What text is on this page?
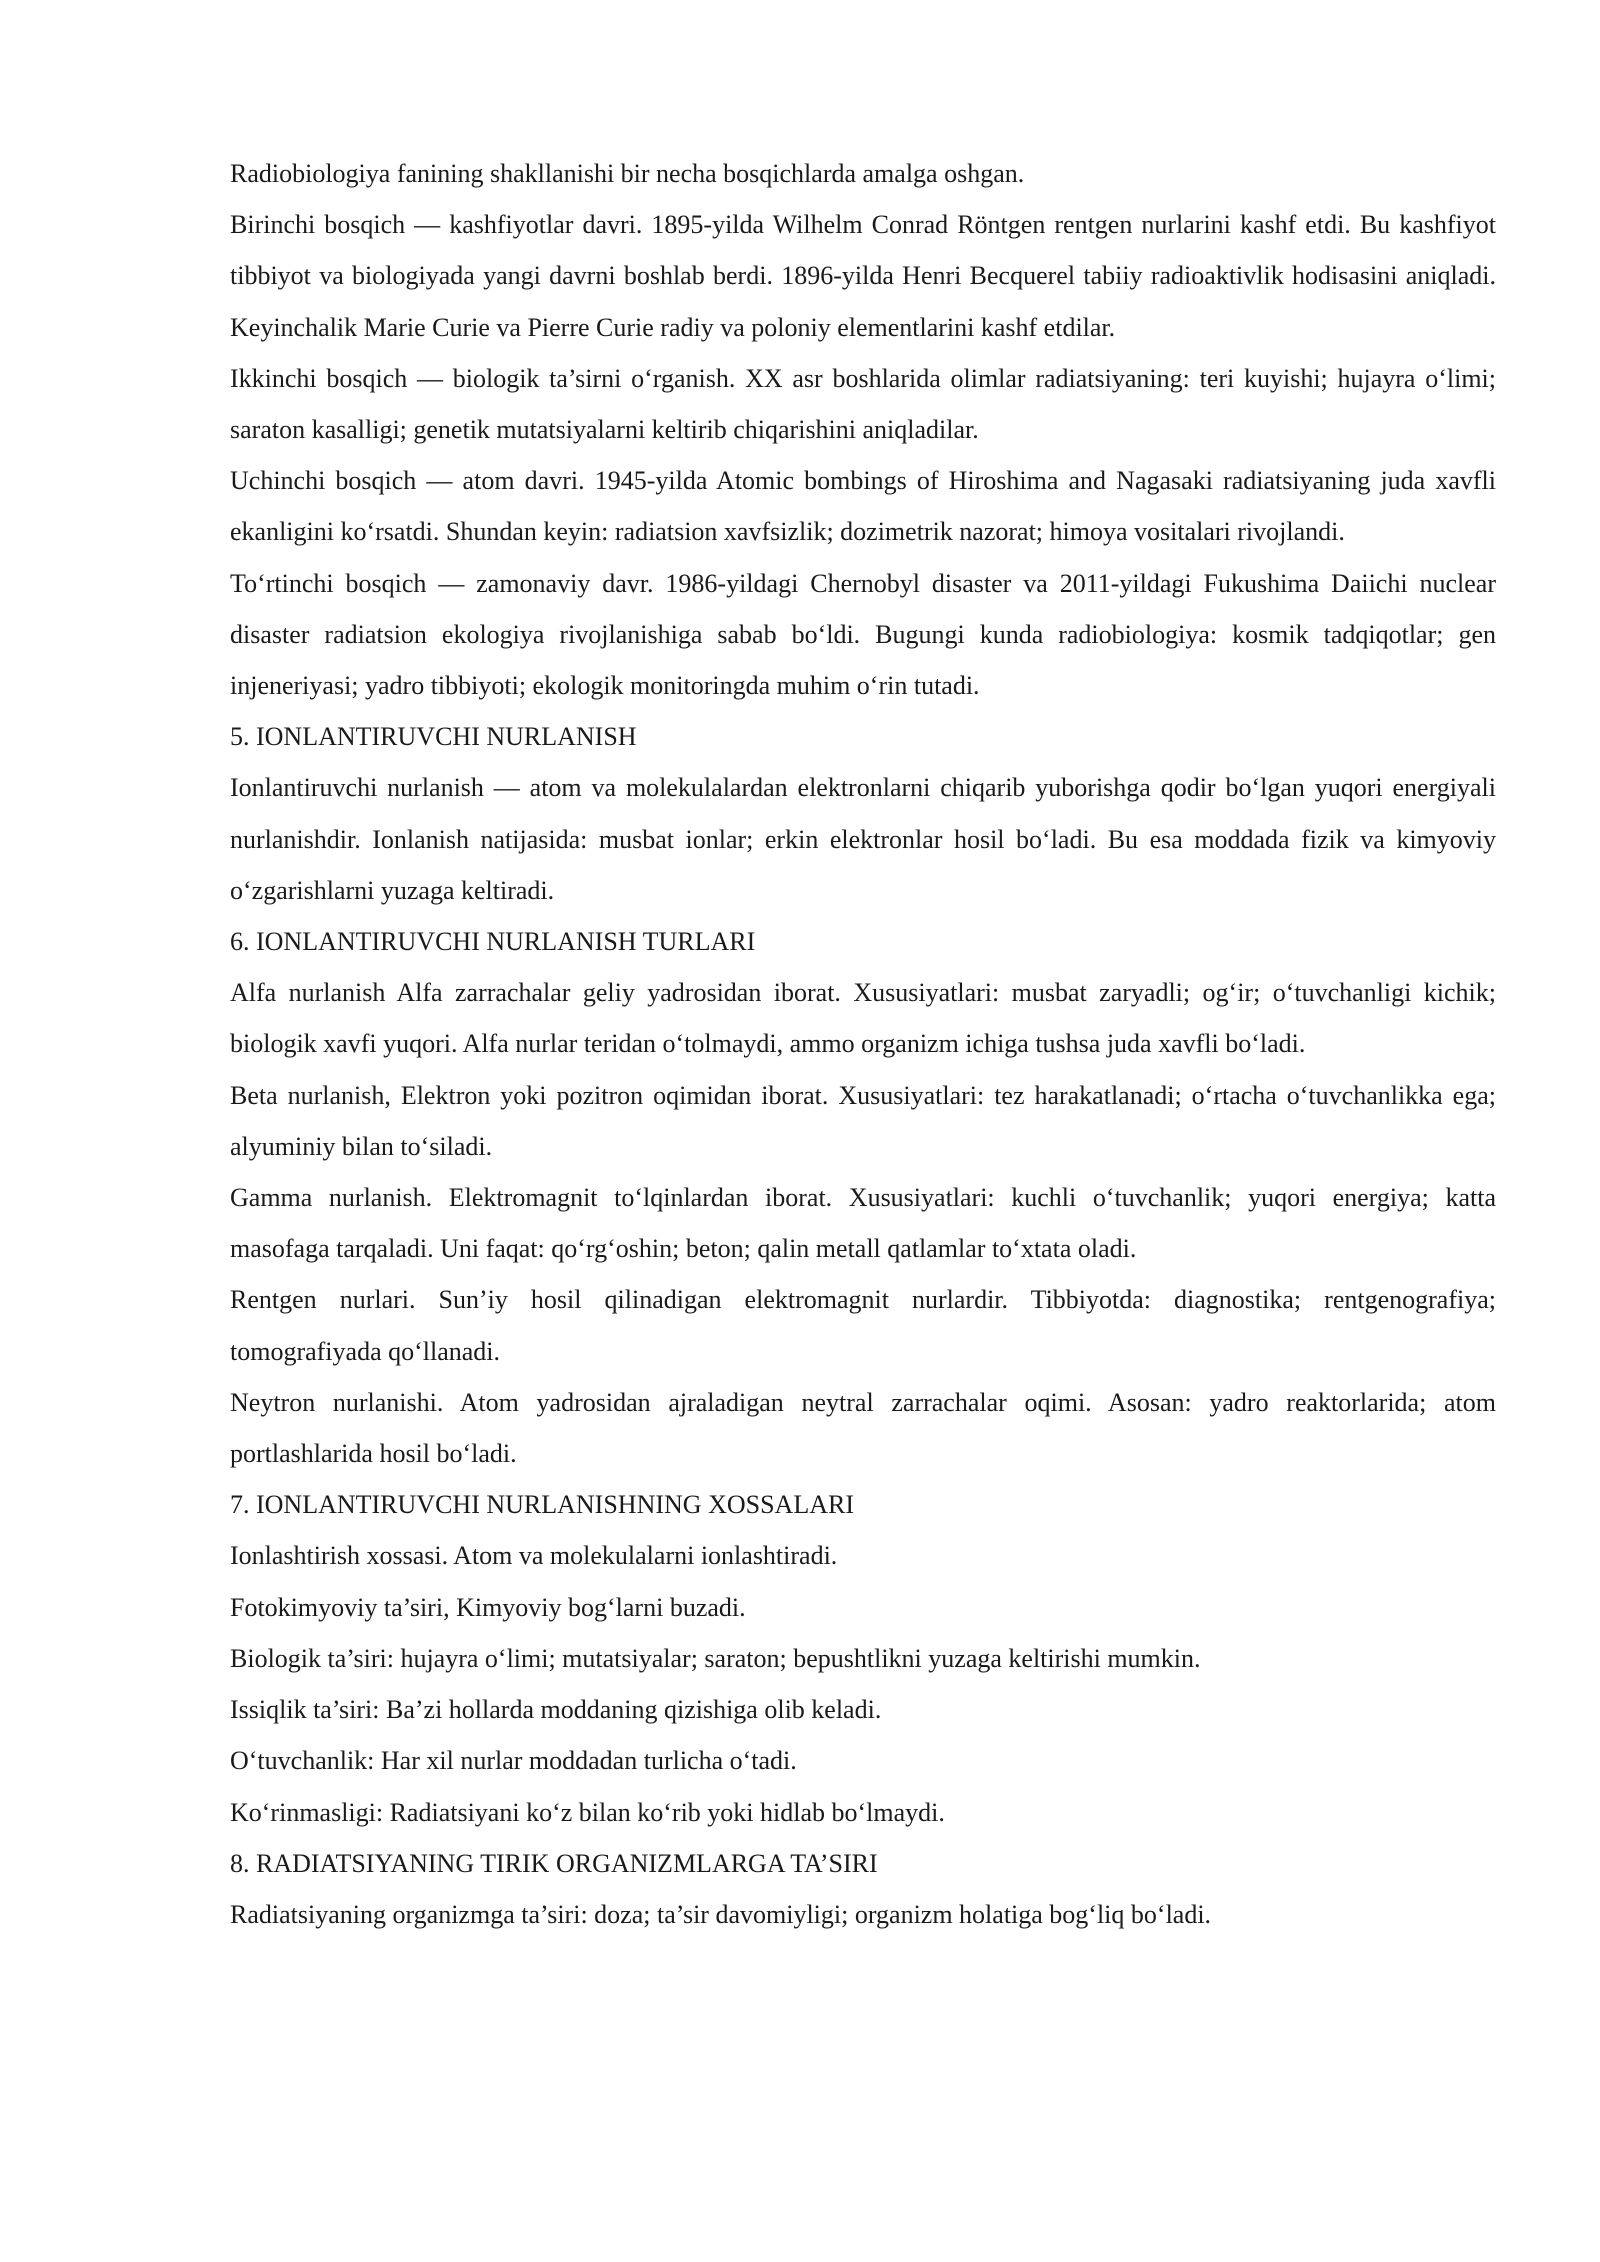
Radiobiologiya fanining shakllanishi bir necha bosqichlarda amalga oshgan.

Birinchi bosqich — kashfiyotlar davri. 1895-yilda Wilhelm Conrad Röntgen rentgen nurlarini kashf etdi. Bu kashfiyot tibbiyot va biologiyada yangi davrni boshlab berdi. 1896-yilda Henri Becquerel tabiiy radioaktivlik hodisasini aniqladi. Keyinchalik Marie Curie va Pierre Curie radiy va poloniy elementlarini kashf etdilar.

Ikkinchi bosqich — biologik ta’sirni o‘rganish. XX asr boshlarida olimlar radiatsiyaning: teri kuyishi; hujayra o‘limi; saraton kasalligi; genetik mutatsiyalarni keltirib chiqarishini aniqladilar.

Uchinchi bosqich — atom davri. 1945-yilda Atomic bombings of Hiroshima and Nagasaki radiatsiyaning juda xavfli ekanligini ko‘rsatdi. Shundan keyin: radiatsion xavfsizlik; dozimetrik nazorat; himoya vositalari rivojlandi.

To‘rtinchi bosqich — zamonaviy davr. 1986-yildagi Chernobyl disaster va 2011-yildagi Fukushima Daiichi nuclear disaster radiatsion ekologiya rivojlanishiga sabab bo‘ldi. Bugungi kunda radiobiologiya: kosmik tadqiqotlar; gen injeneriyasi; yadro tibbiyoti; ekologik monitoringda muhim o‘rin tutadi.

5. IONLANTIRUVCHI NURLANISH

Ionlantiruvchi nurlanish — atom va molekulalardan elektronlarni chiqarib yuborishga qodir bo‘lgan yuqori energiyali nurlanishdir. Ionlanish natijasida: musbat ionlar; erkin elektronlar hosil bo‘ladi. Bu esa moddada fizik va kimyoviy o‘zgarishlarni yuzaga keltiradi.

6. IONLANTIRUVCHI NURLANISH TURLARI

Alfa nurlanish Alfa zarrachalar geliy yadrosidan iborat. Xususiyatlari: musbat zaryadli; og‘ir; o‘tuvchanligi kichik; biologik xavfi yuqori. Alfa nurlar teridan o‘tolmaydi, ammo organizm ichiga tushsa juda xavfli bo‘ladi.

Beta nurlanish, Elektron yoki pozitron oqimidan iborat. Xususiyatlari: tez harakatlanadi; o‘rtacha o‘tuvchanlikka ega; alyuminiy bilan to‘siladi.

Gamma nurlanish. Elektromagnit to‘lqinlardan iborat. Xususiyatlari: kuchli o‘tuvchanlik; yuqori energiya; katta masofaga tarqaladi. Uni faqat: qo‘rg‘oshin; beton; qalin metall qatlamlar to‘xtata oladi.

Rentgen nurlari. Sun’iy hosil qilinadigan elektromagnit nurlardir. Tibbiyotda: diagnostika; rentgenografiya; tomografiyada qo‘llanadi.

Neytron nurlanishi. Atom yadrosidan ajraladigan neytral zarrachalar oqimi. Asosan: yadro reaktorlarida; atom portlashlarida hosil bo‘ladi.

7. IONLANTIRUVCHI NURLANISHNING XOSSALARI

Ionlashtirish xossasi. Atom va molekulalarni ionlashtiradi.

Fotokimyoviy ta’siri, Kimyoviy bog‘larni buzadi.

Biologik ta’siri: hujayra o‘limi; mutatsiyalar; saraton; bepushtlikni yuzaga keltirishi mumkin.

Issiqlik ta’siri: Ba’zi hollarda moddaning qizishiga olib keladi.

O‘tuvchanlik: Har xil nurlar moddadan turlicha o‘tadi.

Ko‘rinmasligi: Radiatsiyani ko‘z bilan ko‘rib yoki hidlab bo‘lmaydi.

8. RADIATSIYANING TIRIK ORGANIZMLARGA TA’SIRI

Radiatsiyaning organizmga ta’siri: doza; ta’sir davomiyligi; organizm holatiga bog‘liq bo‘ladi.
